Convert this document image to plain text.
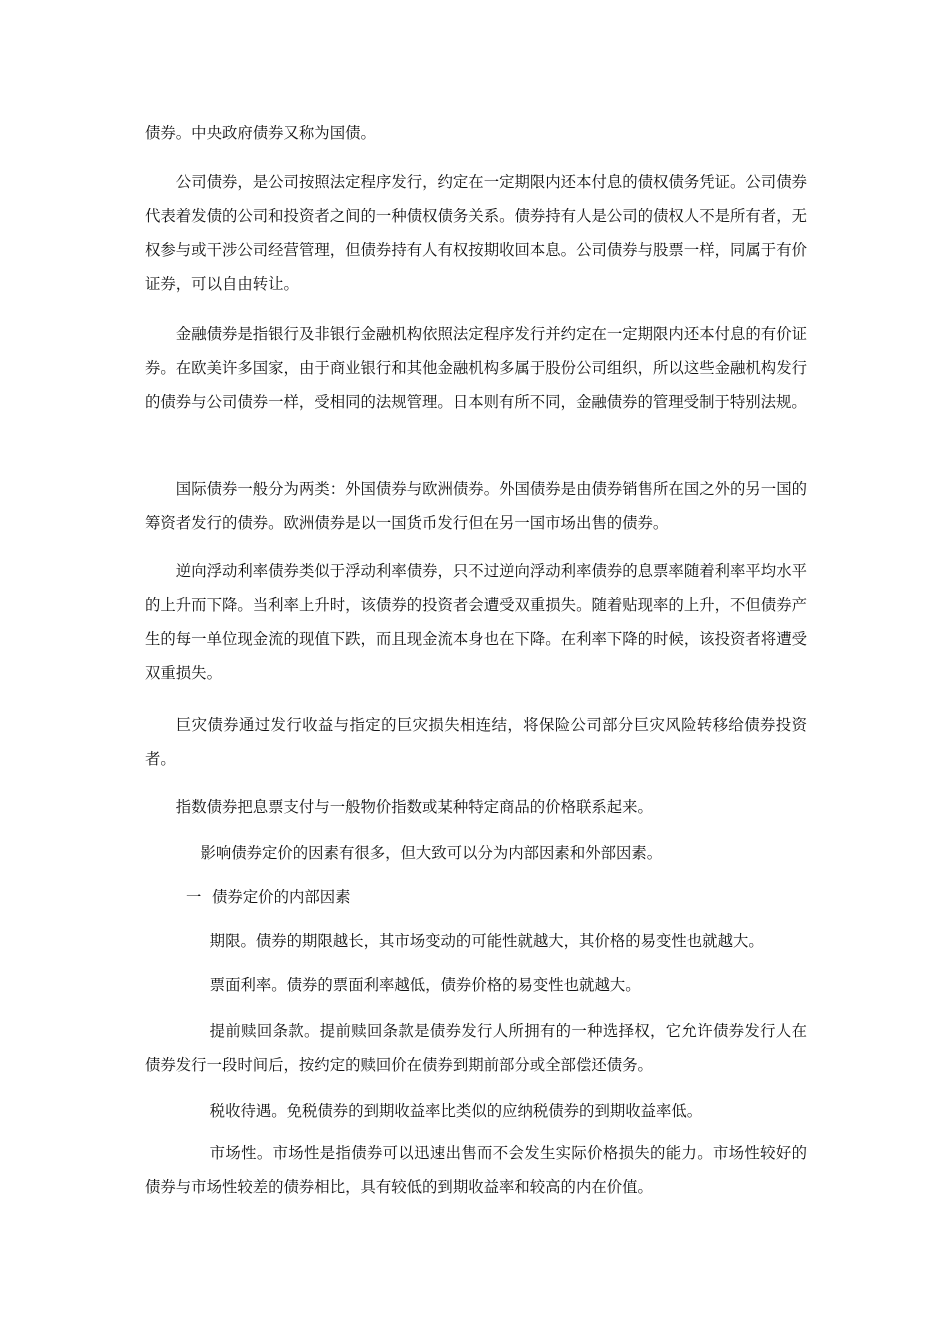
债券。中央政府债券又称为国债。

公司债券，是公司按照法定程序发行，约定在一定期限内还本付息的债权债务凭证。公司债券代表着发债的公司和投资者之间的一种债权债务关系。债券持有人是公司的债权人不是所有者，无权参与或干涉公司经营管理，但债券持有人有权按期收回本息。公司债券与股票一样，同属于有价证券，可以自由转让。

金融债券是指银行及非银行金融机构依照法定程序发行并约定在一定期限内还本付息的有价证券。在欧美许多国家，由于商业银行和其他金融机构多属于股份公司组织，所以这些金融机构发行的债券与公司债券一样，受相同的法规管理。日本则有所不同，金融债券的管理受制于特别法规。

国际债券一般分为两类：外国债券与欧洲债券。外国债券是由债券销售所在国之外的另一国的筹资者发行的债券。欧洲债券是以一国货币发行但在另一国市场出售的债券。

逆向浮动利率债券类似于浮动利率债券，只不过逆向浮动利率债券的息票率随着利率平均水平的上升而下降。当利率上升时，该债券的投资者会遭受双重损失。随着贴现率的上升，不但债券产生的每一单位现金流的现值下跌，而且现金流本身也在下降。在利率下降的时候，该投资者将遭受双重损失。

巨灾债券通过发行收益与指定的巨灾损失相连结，将保险公司部分巨灾风险转移给债券投资者。

指数债券把息票支付与一般物价指数或某种特定商品的价格联系起来。

影响债券定价的因素有很多，但大致可以分为内部因素和外部因素。

一 债券定价的内部因素

期限。债券的期限越长，其市场变动的可能性就越大，其价格的易变性也就越大。

票面利率。债券的票面利率越低，债券价格的易变性也就越大。

提前赎回条款。提前赎回条款是债券发行人所拥有的一种选择权，它允许债券发行人在债券发行一段时间后，按约定的赎回价在债券到期前部分或全部偿还债务。

税收待遇。免税债券的到期收益率比类似的应纳税债券的到期收益率低。

市场性。市场性是指债券可以迅速出售而不会发生实际价格损失的能力。市场性较好的债券与市场性较差的债券相比，具有较低的到期收益率和较高的内在价值。
